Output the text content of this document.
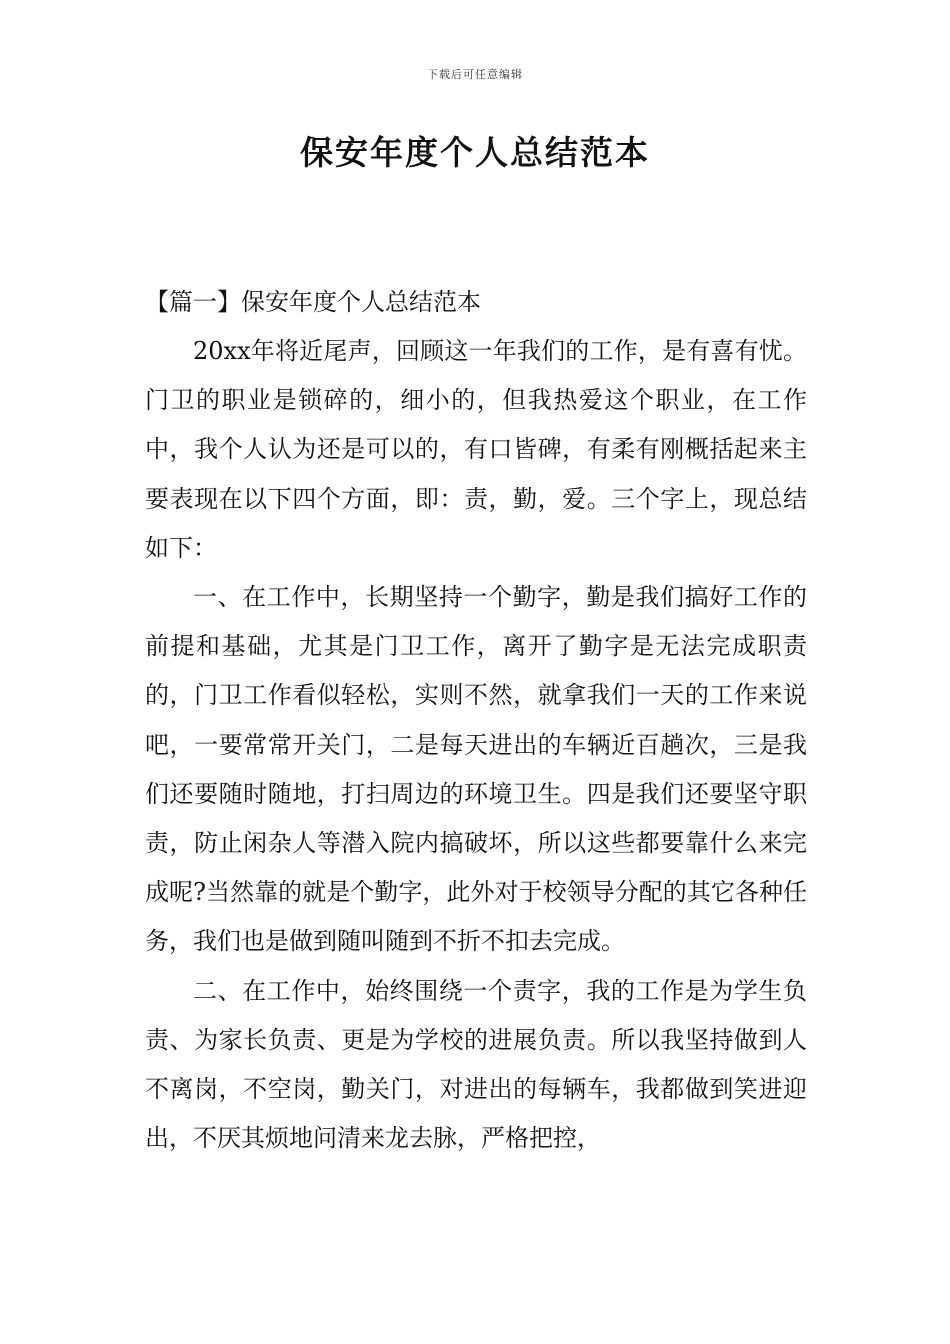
下载后可任意编辑
保安年度个人总结范本
【篇一】保安年度个人总结范本

20xx年将近尾声，回顾这一年我们的工作，是有喜有忧。门卫的职业是锁碎的，细小的，但我热爱这个职业，在工作中，我个人认为还是可以的，有口皆碑，有柔有刚概括起来主要表现在以下四个方面，即：责，勤，爱。三个字上，现总结如下：

一、在工作中，长期坚持一个勤字，勤是我们搞好工作的前提和基础，尤其是门卫工作，离开了勤字是无法完成职责的，门卫工作看似轻松，实则不然，就拿我们一天的工作来说吧，一要常常开关门，二是每天进出的车辆近百趟次，三是我们还要随时随地，打扫周边的环境卫生。四是我们还要坚守职责，防止闲杂人等潜入院内搞破坏，所以这些都要靠什么来完成呢?当然靠的就是个勤字，此外对于校领导分配的其它各种任务，我们也是做到随叫随到不折不扣去完成。

二、在工作中，始终围绕一个责字，我的工作是为学生负责、为家长负责、更是为学校的进展负责。所以我坚持做到人不离岗，不空岗，勤关门，对进出的每辆车，我都做到笑进迎出，不厌其烦地问清来龙去脉，严格把控，
